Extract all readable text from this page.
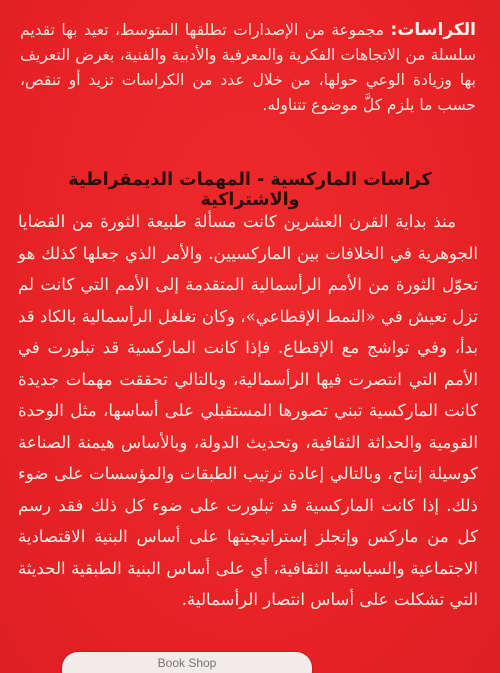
الكراسات: مجموعة من الإصدارات تطلقها المتوسط، تعيد بها تقديم سلسلة من الاتجاهات الفكرية والمعرفية والأدبية والفنية، بغرض التعريف بها وزيادة الوعي حولها، من خلال عدد من الكراسات تزيد أو تنقص، حسب ما يلزم كلَّ موضوع تتناوله.
كراسات الماركسية - المهمات الديمقراطية والاشتراكية

منذ بداية القرن العشرين كانت مسألة طبيعة الثورة من القضايا الجوهرية في الخلافات بين الماركسيين. والأمر الذي جعلها كذلك هو تحوّل الثورة من الأمم الرأسمالية المتقدمة إلى الأمم التي كانت لم تزل تعيش في «النمط الإقطاعي»، وكان تغلغل الرأسمالية بالكاد قد بدأ، وفي تواشج مع الإقطاع. فإذا كانت الماركسية قد تبلورت في الأمم التي انتصرت فيها الرأسمالية، وبالتالي تحققت مهمات جديدة كانت الماركسية تبني تصورها المستقبلي على أساسها، مثل الوحدة القومية والحداثة الثقافية، وتحديث الدولة، وبالأساس هيمنة الصناعة كوسيلة إنتاج، وبالتالي إعادة ترتيب الطبقات والمؤسسات على ضوء ذلك. إذا كانت الماركسية قد تبلورت على ضوء كل ذلك فقد رسم كل من ماركس وإنجلز إستراتيجيتها على أساس البنية الاقتصادية الاجتماعية والسياسية الثقافية، أي على أساس البنية الطبقية الحديثة التي تشكلت على أساس انتصار الرأسمالية.

Book Shop
